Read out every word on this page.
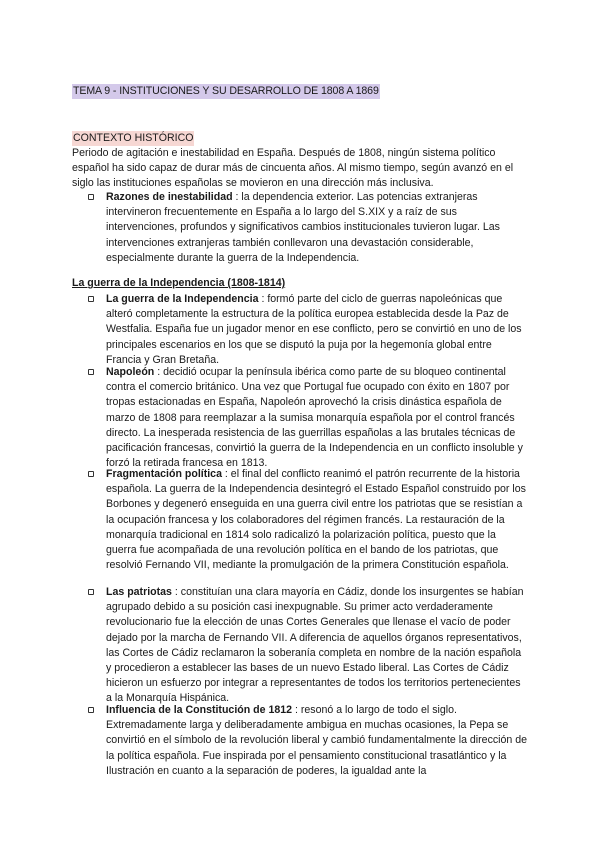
TEMA 9 - INSTITUCIONES Y SU DESARROLLO DE 1808 A 1869
CONTEXTO HISTÓRICO

Periodo de agitación e inestabilidad en España. Después de 1808, ningún sistema político español ha sido capaz de durar más de cincuenta años. Al mismo tiempo, según avanzó en el siglo las instituciones españolas se movieron en una dirección más inclusiva.

Razones de inestabilidad : la dependencia exterior. Las potencias extranjeras intervineron frecuentemente en España a lo largo del S.XIX y a raíz de sus intervenciones, profundos y significativos cambios institucionales tuvieron lugar. Las intervenciones extranjeras también conllevaron una devastación considerable, especialmente durante la guerra de la Independencia.
La guerra de la Independencia (1808-1814)
La guerra de la Independencia : formó parte del ciclo de guerras napoleónicas que alteró completamente la estructura de la política europea establecida desde la Paz de Westfalia. España fue un jugador menor en ese conflicto, pero se convirtió en uno de los principales escenarios en los que se disputó la puja por la hegemonía global entre Francia y Gran Bretaña.
Napoleón : decidió ocupar la península ibérica como parte de su bloqueo continental contra el comercio británico. Una vez que Portugal fue ocupado con éxito en 1807 por tropas estacionadas en España, Napoleón aprovechó la crisis dinástica española de marzo de 1808 para reemplazar a la sumisa monarquía española por el control francés directo. La inesperada resistencia de las guerrillas españolas a las brutales técnicas de pacificación francesas, convirtió la guerra de la Independencia en un conflicto insoluble y forzó la retirada francesa en 1813.
Fragmentación política : el final del conflicto reanimó el patrón recurrente de la historia española. La guerra de la Independencia desintegró el Estado Español construido por los Borbones y degeneró enseguida en una guerra civil entre los patriotas que se resistían a la ocupación francesa y los colaboradores del régimen francés. La restauración de la monarquía tradicional en 1814 solo radicalizó la polarización política, puesto que la guerra fue acompañada de una revolución política en el bando de los patriotas, que resolvió Fernando VII, mediante la promulgación de la primera Constitución española.
Las patriotas : constituían una clara mayoría en Cádiz, donde los insurgentes se habían agrupado debido a su posición casi inexpugnable. Su primer acto verdaderamente revolucionario fue la elección de unas Cortes Generales que llenase el vacío de poder dejado por la marcha de Fernando VII. A diferencia de aquellos órganos representativos, las Cortes de Cádiz reclamaron la soberanía completa en nombre de la nación española y procedieron a establecer las bases de un nuevo Estado liberal. Las Cortes de Cádiz hicieron un esfuerzo por integrar a representantes de todos los territorios pertenecientes a la Monarquía Hispánica.
Influencia de la Constitución de 1812 : resonó a lo largo de todo el siglo. Extremadamente larga y deliberadamente ambigua en muchas ocasiones, la Pepa se convirtió en el símbolo de la revolución liberal y cambió fundamentalmente la dirección de la política española. Fue inspirada por el pensamiento constitucional trasatlántico y la Ilustración en cuanto a la separación de poderes, la igualdad ante la
